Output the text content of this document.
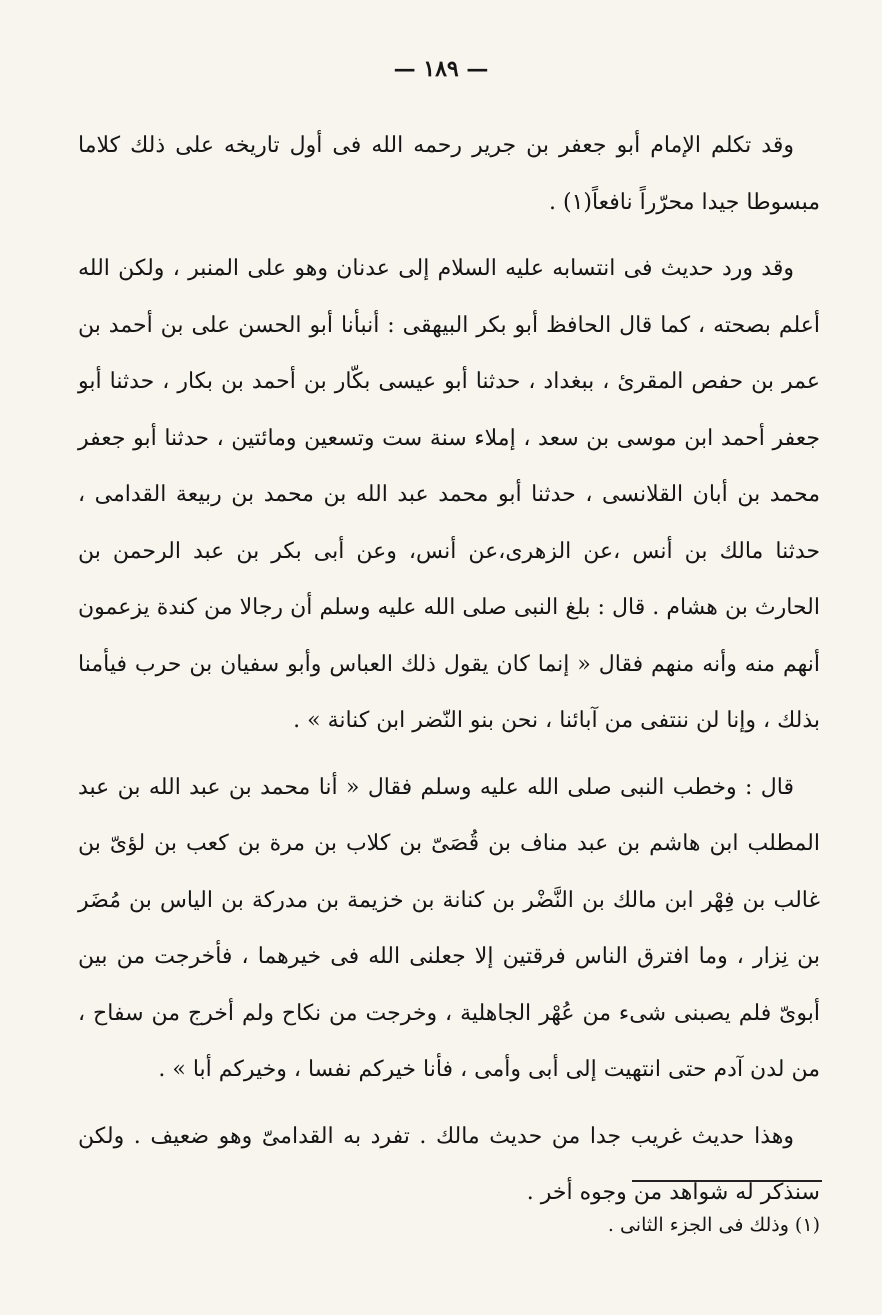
— ١٨٩ —

وقد تكلم الإمام أبو جعفر بن جرير رحمه الله فى أول تاريخه على ذلك كلاما مبسوطا جيدا محرّراً نافعاً(١) .

وقد ورد حديث فى انتسابه عليه السلام إلى عدنان وهو على المنبر ، ولكن الله أعلم بصحته ، كما قال الحافظ أبو بكر البيهقى : أنبأنا أبو الحسن على بن أحمد بن عمر بن حفص المقرئ ، ببغداد ، حدثنا أبو عيسى بكّار بن أحمد بن بكار ، حدثنا أبو جعفر أحمد ابن موسى بن سعد ، إملاء سنة ست وتسعين ومائتين ، حدثنا أبو جعفر محمد بن أبان القلانسى ، حدثنا أبو محمد عبد الله بن محمد بن ربيعة القدامى ، حدثنا مالك بن أنس ،عن الزهرى،عن أنس، وعن أبى بكر بن عبد الرحمن بن الحارث بن هشام . قال : بلغ النبى صلى الله عليه وسلم أن رجالا من كندة يزعمون أنهم منه وأنه منهم فقال « إنما كان يقول ذلك العباس وأبو سفيان بن حرب فيأمنا بذلك ، وإنا لن ننتفى من آبائنا ، نحن بنو النّضر ابن كنانة » .

قال : وخطب النبى صلى الله عليه وسلم فقال « أنا محمد بن عبد الله بن عبد المطلب ابن هاشم بن عبد مناف بن قُصَىّ بن كلاب بن مرة بن كعب بن لؤىّ بن غالب بن فِهْر ابن مالك بن النَّضْر بن كنانة بن خزيمة بن مدركة بن الياس بن مُضَر بن نِزار ، وما افترق الناس فرقتين إلا جعلنى الله فى خيرهما ، فأخرجت من بين أبوىّ فلم يصبنى شىء من عُهْر الجاهلية ، وخرجت من نكاح ولم أخرج من سفاح ، من لدن آدم حتى انتهيت إلى أبى وأمى ، فأنا خيركم نفسا ، وخيركم أبا » .

وهذا حديث غريب جدا من حديث مالك . تفرد به القدامىّ وهو ضعيف . ولكن سنذكر له شواهد من وجوه أخر .

(١) وذلك فى الجزء الثانى .
